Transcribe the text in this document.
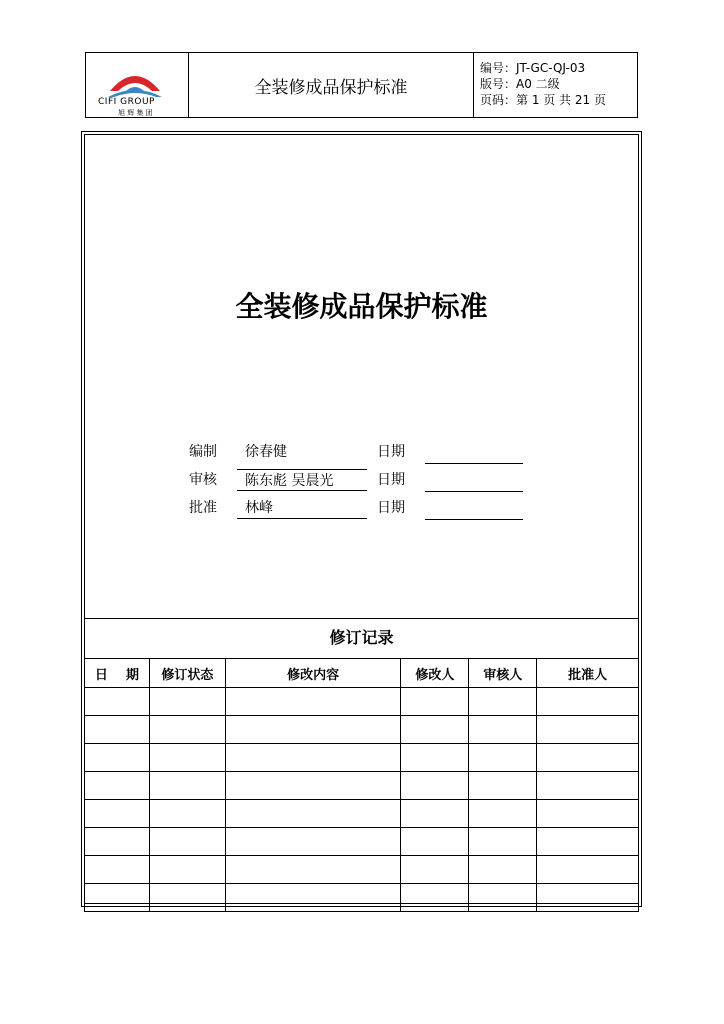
CIFI GROUP
旭 辉 集 团
全装修成品保护标准
编号：JT-GC-QJ-03
版号：A0 二级
页码：第 1 页 共 21 页
全装修成品保护标准
编制	徐春健	日期
审核	陈东彪 吴晨光	日期
批准	林峰	日期
修订记录
日    期	修订状态	修改内容	修改人	审核人	批准人
